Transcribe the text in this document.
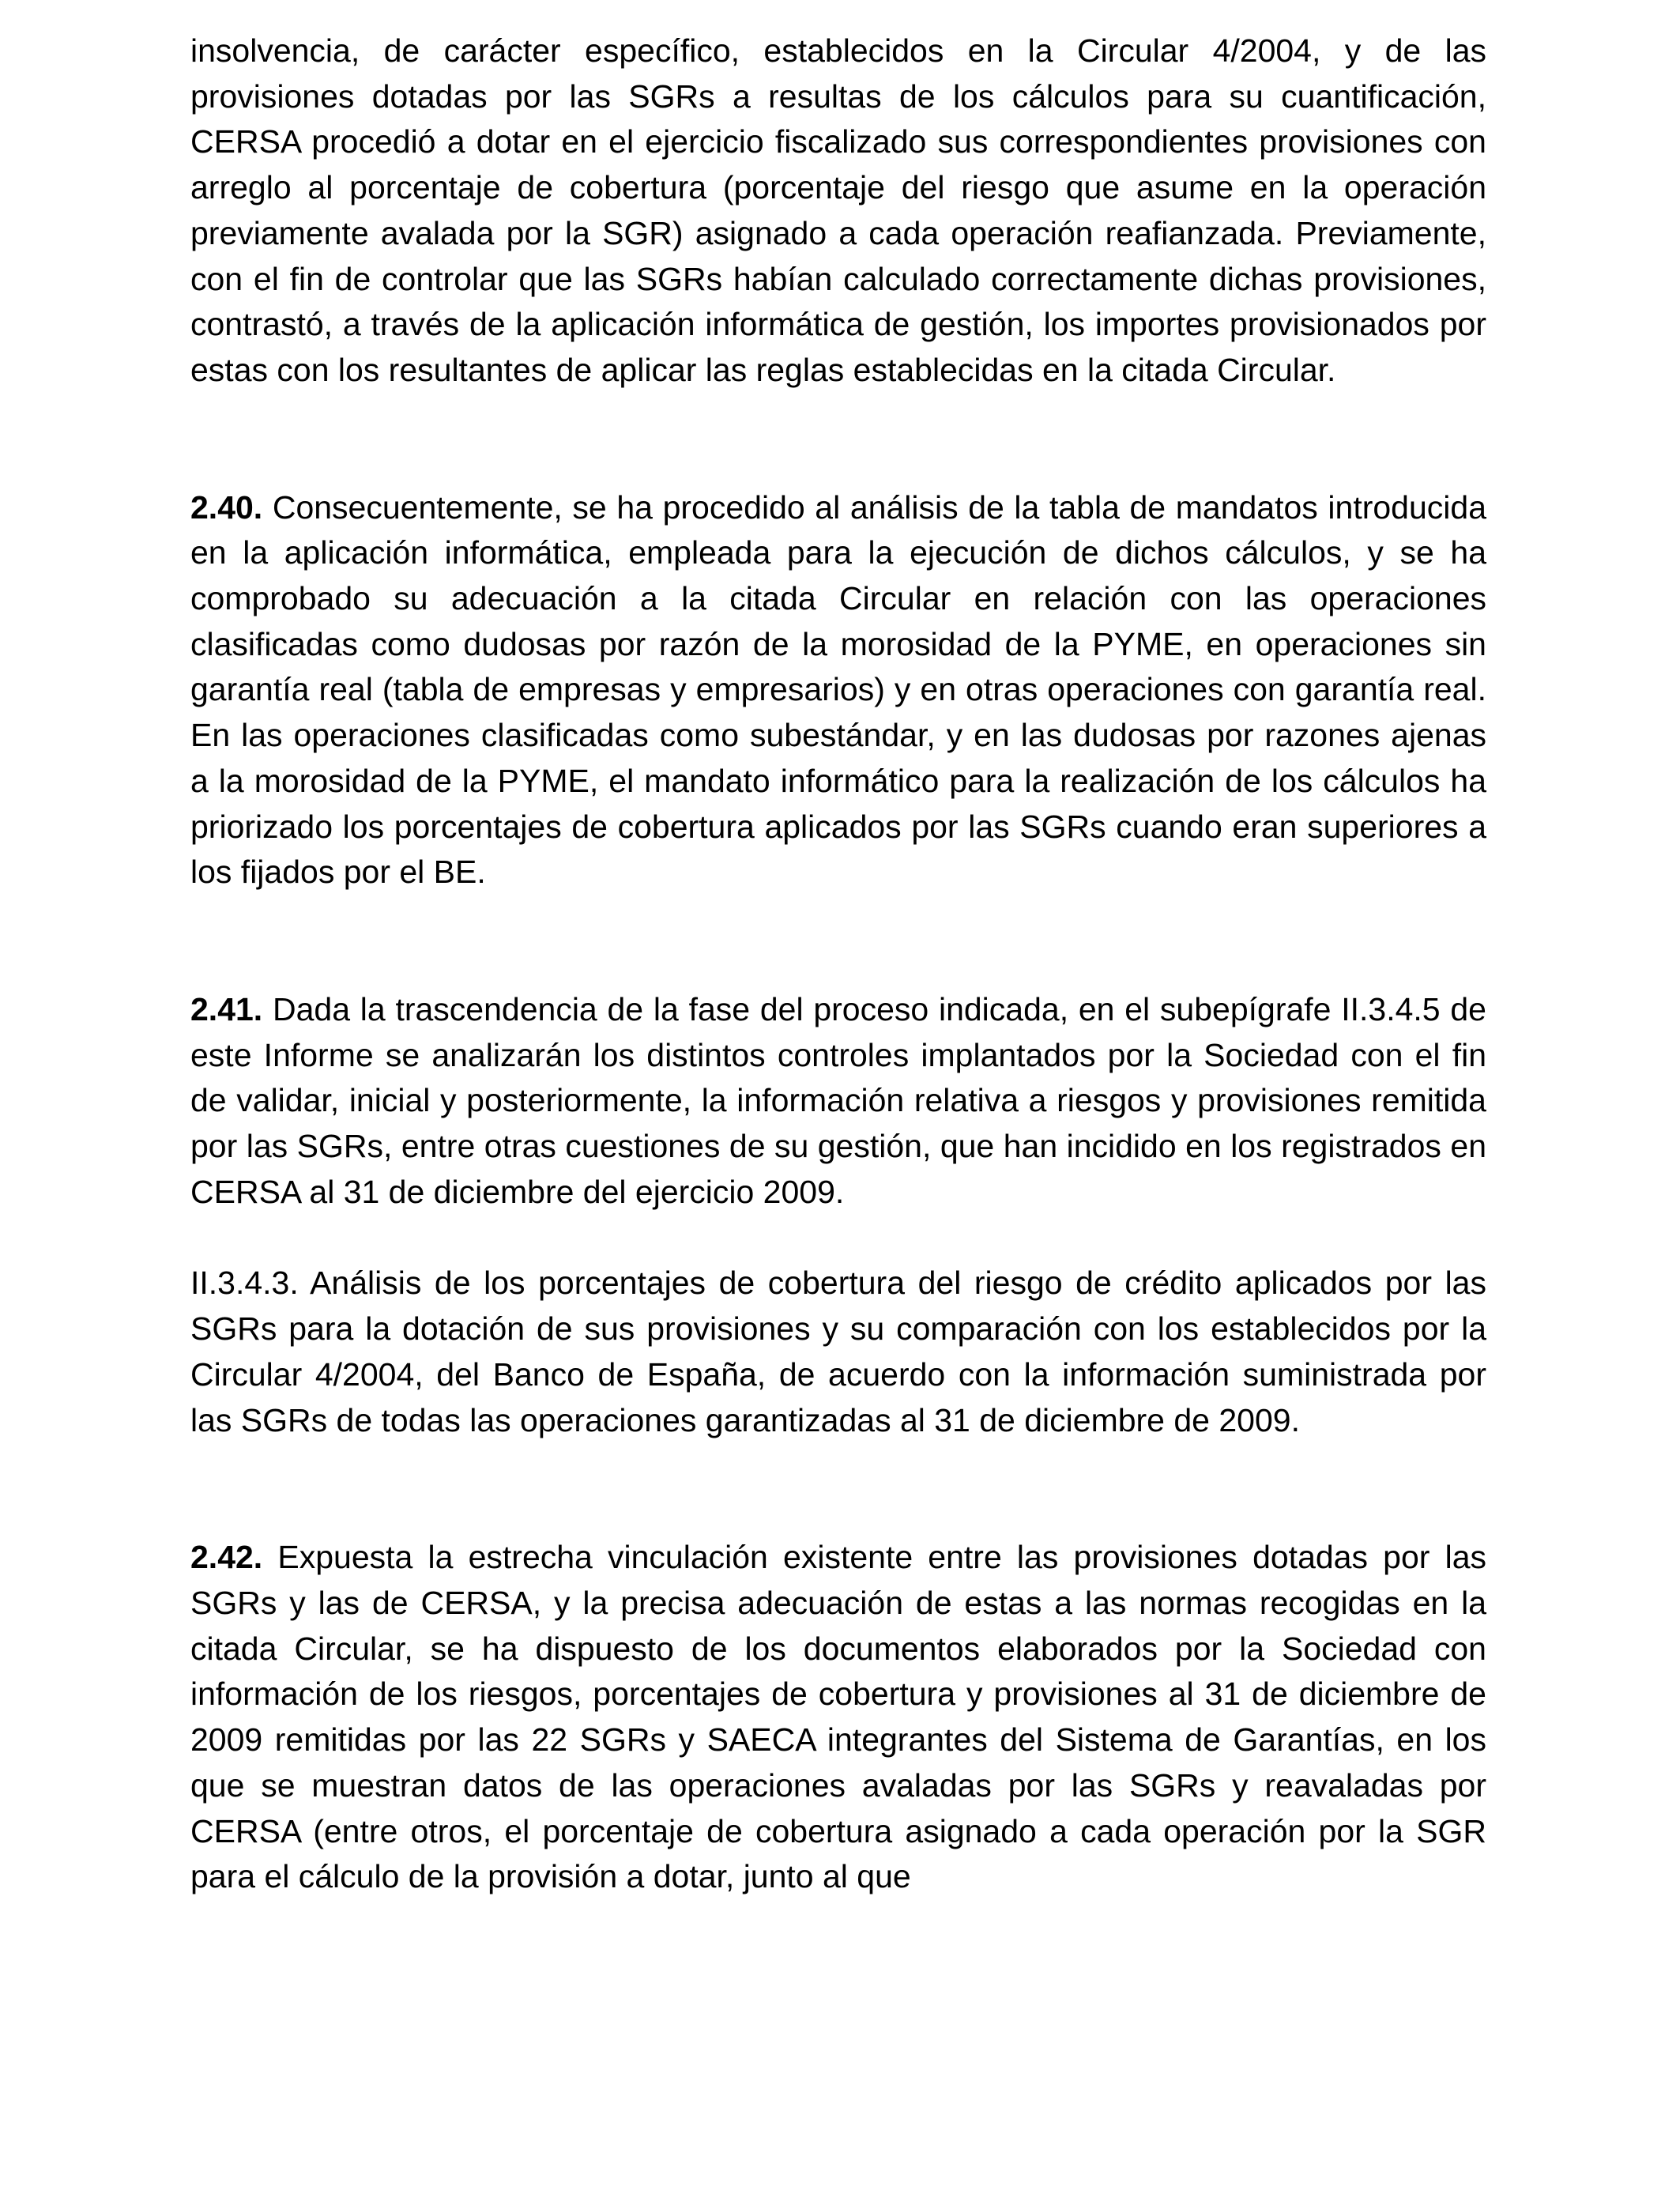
insolvencia, de carácter específico, establecidos en la Circular 4/2004, y de las provisiones dotadas por las SGRs a resultas de los cálculos para su cuantificación, CERSA procedió a dotar en el ejercicio fiscalizado sus correspondientes provisiones con arreglo al porcentaje de cobertura (porcentaje del riesgo que asume en la operación previamente avalada por la SGR) asignado a cada operación reafianzada. Previamente, con el fin de controlar que las SGRs habían calculado correctamente dichas provisiones, contrastó, a través de la aplicación informática de gestión, los importes provisionados por estas con los resultantes de aplicar las reglas establecidas en la citada Circular.

2.40. Consecuentemente, se ha procedido al análisis de la tabla de mandatos introducida en la aplicación informática, empleada para la ejecución de dichos cálculos, y se ha comprobado su adecuación a la citada Circular en relación con las operaciones clasificadas como dudosas por razón de la morosidad de la PYME, en operaciones sin garantía real (tabla de empresas y empresarios) y en otras operaciones con garantía real. En las operaciones clasificadas como subestándar, y en las dudosas por razones ajenas a la morosidad de la PYME, el mandato informático para la realización de los cálculos ha priorizado los porcentajes de cobertura aplicados por las SGRs cuando eran superiores a los fijados por el BE.

2.41. Dada la trascendencia de la fase del proceso indicada, en el subepígrafe II.3.4.5 de este Informe se analizarán los distintos controles implantados por la Sociedad con el fin de validar, inicial y posteriormente, la información relativa a riesgos y provisiones remitida por las SGRs, entre otras cuestiones de su gestión, que han incidido en los registrados en CERSA al 31 de diciembre del ejercicio 2009.

II.3.4.3. Análisis de los porcentajes de cobertura del riesgo de crédito aplicados por las SGRs para la dotación de sus provisiones y su comparación con los establecidos por la Circular 4/2004, del Banco de España, de acuerdo con la información suministrada por las SGRs de todas las operaciones garantizadas al 31 de diciembre de 2009.

2.42. Expuesta la estrecha vinculación existente entre las provisiones dotadas por las SGRs y las de CERSA, y la precisa adecuación de estas a las normas recogidas en la citada Circular, se ha dispuesto de los documentos elaborados por la Sociedad con información de los riesgos, porcentajes de cobertura y provisiones al 31 de diciembre de 2009 remitidas por las 22 SGRs y SAECA integrantes del Sistema de Garantías, en los que se muestran datos de las operaciones avaladas por las SGRs y reavaladas por CERSA (entre otros, el porcentaje de cobertura asignado a cada operación por la SGR para el cálculo de la provisión a dotar, junto al que
